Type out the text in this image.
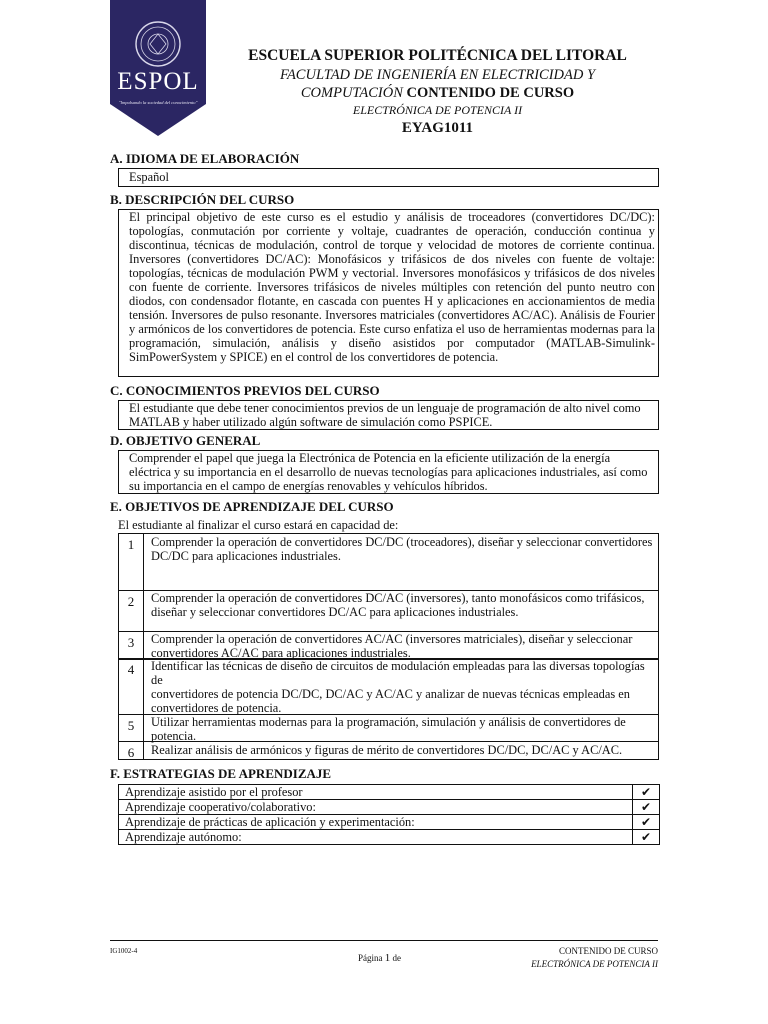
ESPOL
"Impulsando la sociedad del conocimiento"
ESCUELA SUPERIOR POLITÉCNICA DEL LITORAL
FACULTAD DE INGENIERÍA EN ELECTRICIDAD Y
COMPUTACIÓN CONTENIDO DE CURSO
ELECTRÓNICA DE POTENCIA II
EYAG1011
A. IDIOMA DE ELABORACIÓN
Español
B. DESCRIPCIÓN DEL CURSO
El principal objetivo de este curso es el estudio y análisis de troceadores (convertidores DC/DC): topologías, conmutación por corriente y voltaje, cuadrantes de operación, conducción continua y discontinua, técnicas de modulación, control de torque y velocidad de motores de corriente continua. Inversores (convertidores DC/AC): Monofásicos y trifásicos de dos niveles con fuente de voltaje: topologías, técnicas de modulación PWM y vectorial. Inversores monofásicos y trifásicos de dos niveles con fuente de corriente. Inversores trifásicos de niveles múltiples con retención del punto neutro con diodos, con condensador flotante, en cascada con puentes H y aplicaciones en accionamientos de media tensión. Inversores de pulso resonante. Inversores matriciales (convertidores AC/AC). Análisis de Fourier y armónicos de los convertidores de potencia. Este curso enfatiza el uso de herramientas modernas para la programación, simulación, análisis y diseño asistidos por computador (MATLAB-Simulink-SimPowerSystem y SPICE) en el control de los convertidores de potencia.
C. CONOCIMIENTOS PREVIOS DEL CURSO
El estudiante que debe tener conocimientos previos de un lenguaje de programación de alto nivel como MATLAB y haber utilizado algún software de simulación como PSPICE.
D. OBJETIVO GENERAL
Comprender el papel que juega la Electrónica de Potencia en la eficiente utilización de la energía eléctrica y su importancia en el desarrollo de nuevas tecnologías para aplicaciones industriales, así como su importancia en el campo de energías renovables y vehículos híbridos.
E. OBJETIVOS DE APRENDIZAJE DEL CURSO
El estudiante al finalizar el curso estará en capacidad de:
1	Comprender la operación de convertidores DC/DC (troceadores), diseñar y seleccionar convertidores
DC/DC para aplicaciones industriales.
2	Comprender la operación de convertidores DC/AC (inversores), tanto monofásicos como trifásicos,
diseñar y seleccionar convertidores DC/AC para aplicaciones industriales.
3	Comprender la operación de convertidores AC/AC (inversores matriciales), diseñar y seleccionar
convertidores AC/AC para aplicaciones industriales.
4	Identificar las técnicas de diseño de circuitos de modulación empleadas para las diversas topologías de
convertidores de potencia DC/DC, DC/AC y AC/AC y analizar de nuevas técnicas empleadas en convertidores de potencia.
5	Utilizar herramientas modernas para la programación, simulación y análisis de convertidores de potencia.
6	Realizar análisis de armónicos y figuras de mérito de convertidores DC/DC, DC/AC y AC/AC.
F. ESTRATEGIAS DE APRENDIZAJE
Aprendizaje asistido por el profesor	✔
Aprendizaje cooperativo/colaborativo:	✔
Aprendizaje de prácticas de aplicación y experimentación:	✔
Aprendizaje autónomo:	✔
IG1002-4
Página 1 de
CONTENIDO DE CURSO
ELECTRÓNICA DE POTENCIA II
